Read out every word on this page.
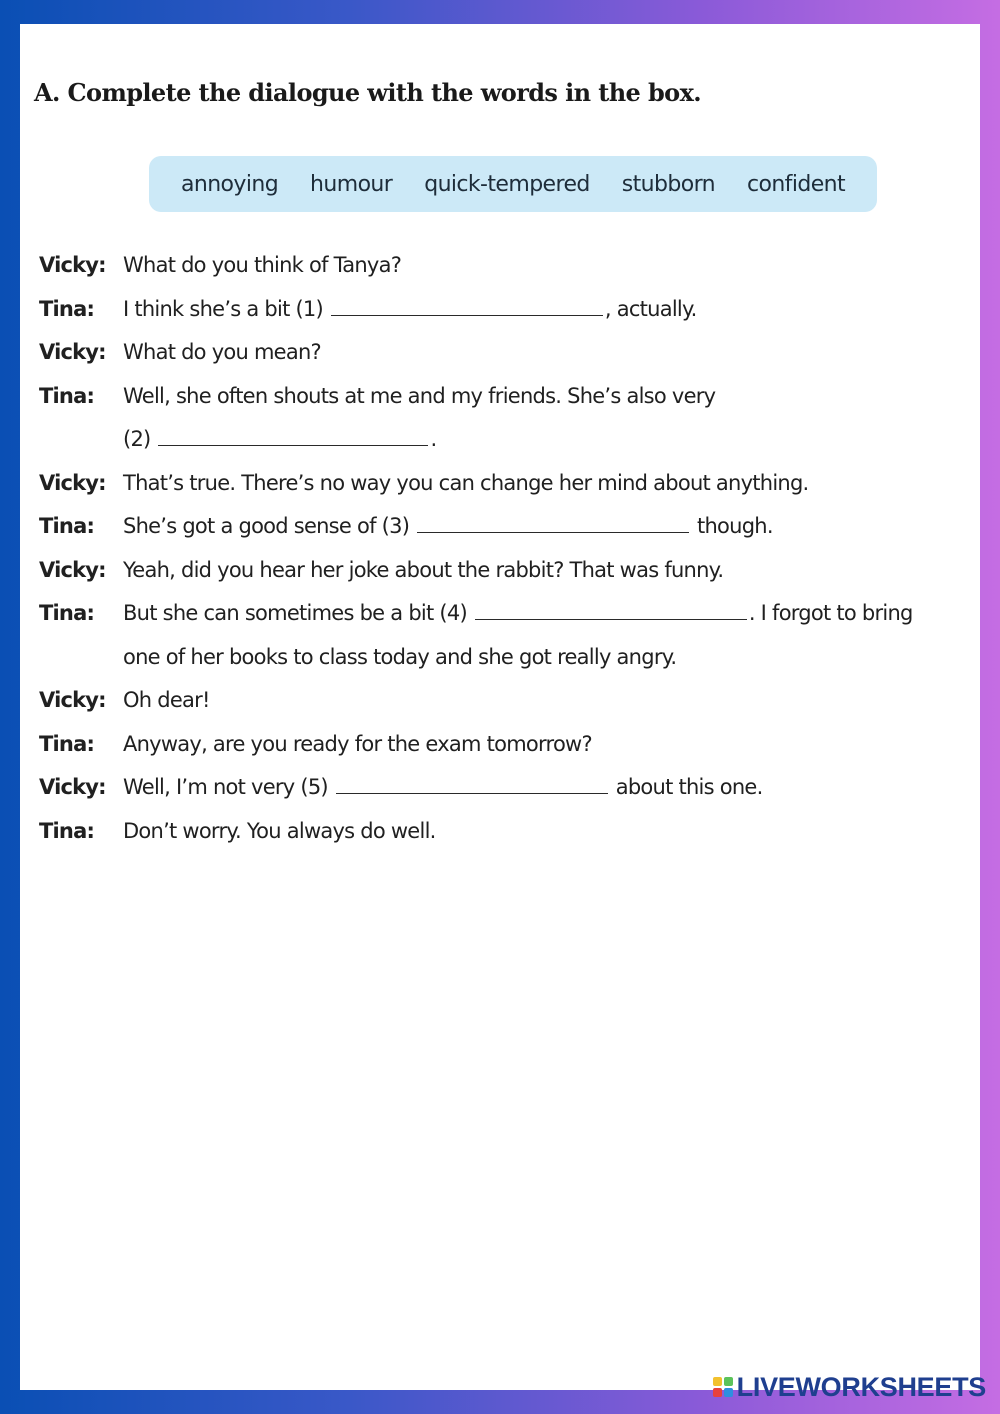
A. Complete the dialogue with the words in the box.
annoying humour quick-tempered stubborn confident
Vicky: What do you think of Tanya?
Tina: I think she’s a bit (1)	, actually.
Vicky: What do you mean?
Tina: Well, she often shouts at me and my friends. She’s also very
(2)	.
Vicky: That’s true. There’s no way you can change her mind about anything.
Tina: She’s got a good sense of (3)	though.
Vicky: Yeah, did you hear her joke about the rabbit? That was funny.
Tina: But she can sometimes be a bit (4)	. I forgot to bring
one of her books to class today and she got really angry.
Vicky: Oh dear!
Tina: Anyway, are you ready for the exam tomorrow?
Vicky: Well, I’m not very (5)	about this one.
Tina: Don’t worry. You always do well.
LIVEWORKSHEETS
